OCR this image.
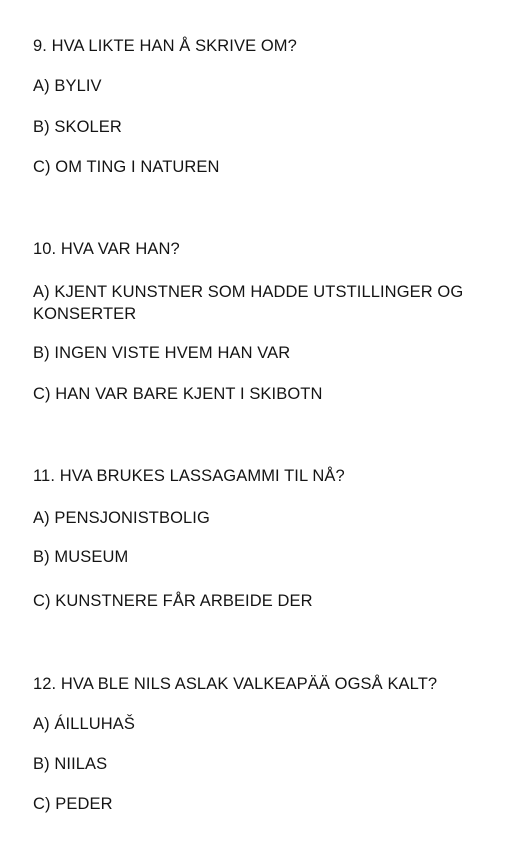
9. HVA LIKTE HAN Å SKRIVE OM?
A) BYLIV
B) SKOLER
C) OM TING I NATUREN
10. HVA VAR HAN?
A) KJENT KUNSTNER SOM HADDE UTSTILLINGER OG KONSERTER
B) INGEN VISTE HVEM HAN VAR
C) HAN VAR BARE KJENT I SKIBOTN
11. HVA BRUKES LASSAGAMMI TIL NÅ?
A) PENSJONISTBOLIG
B) MUSEUM
C) KUNSTNERE FÅR ARBEIDE DER
12. HVA BLE NILS ASLAK VALKEAPÄÄ OGSÅ KALT?
A) ÁILLUHAŠ
B) NIILAS
C) PEDER
